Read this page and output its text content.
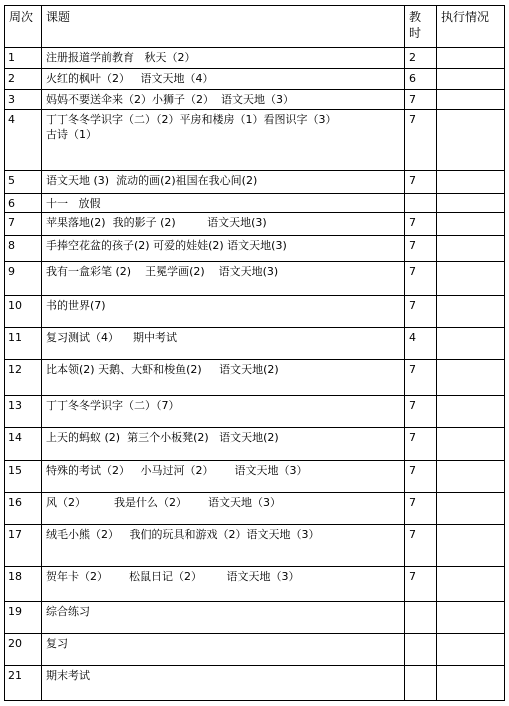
周次	课题	教时	执行情况
1	注册报道学前教育   秋天（2）	2	
2	火红的枫叶（2）   语文天地（4）	6	
3	妈妈不要送伞来（2）小狮子（2）  语文天地（3）	7	
4	丁丁冬冬学识字（二）（2）平房和楼房（1）看图识字（3）
古诗（1）	7	
5	语文天地 (3)  流动的画(2)祖国在我心间(2)	7	
6	十一   放假		

7	苹果落地(2)  我的影子 (2)         语文天地(3)	7	
8	手捧空花盆的孩子(2) 可爱的娃娃(2) 语文天地(3)	7	
9	我有一盒彩笔 (2)    王冕学画(2)    语文天地(3)	7	
10	书的世界(7)	7	
11	复习测试（4）    期中考试	4	
12	比本领(2) 天鹅、大虾和梭鱼(2)     语文天地(2)	7	
13	丁丁冬冬学识字（二）（7）	7	
14	上天的蚂蚁 (2)  第三个小板凳(2)   语文天地(2)	7	
15	特殊的考试（2）   小马过河（2）      语文天地（3）	7	
16	风（2）        我是什么（2）      语文天地（3）	7	
17	绒毛小熊（2）   我们的玩具和游戏（2）语文天地（3）	7	
18	贺年卡（2）      松鼠日记（2）       语文天地（3）	7	
19	综合练习		

20	复习		

21	期末考试		
